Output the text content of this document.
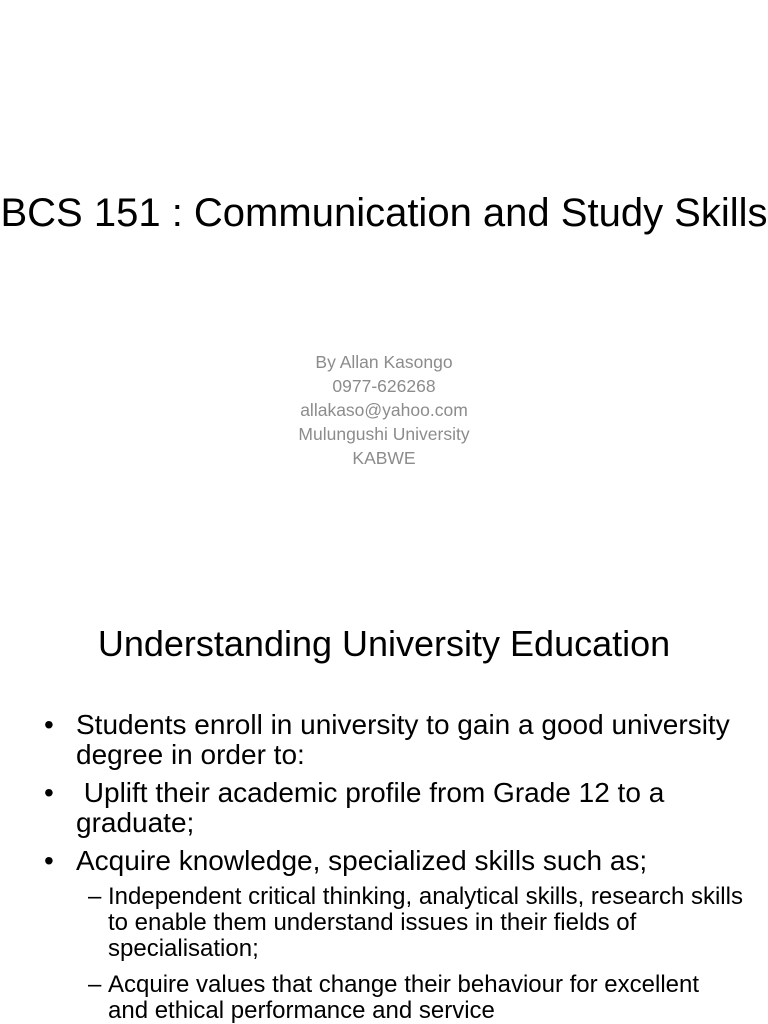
BCS 151 : Communication and Study Skills
By Allan Kasongo
0977-626268
allakaso@yahoo.com
Mulungushi University
KABWE
Understanding University Education
• Students enroll in university to gain a good university degree in order to:
• Uplift their academic profile from Grade 12 to a graduate;
• Acquire knowledge, specialized skills such as;
– Independent critical thinking, analytical skills, research skills to enable them understand issues in their fields of specialisation;
– Acquire values that change their behaviour for excellent and ethical performance and service
